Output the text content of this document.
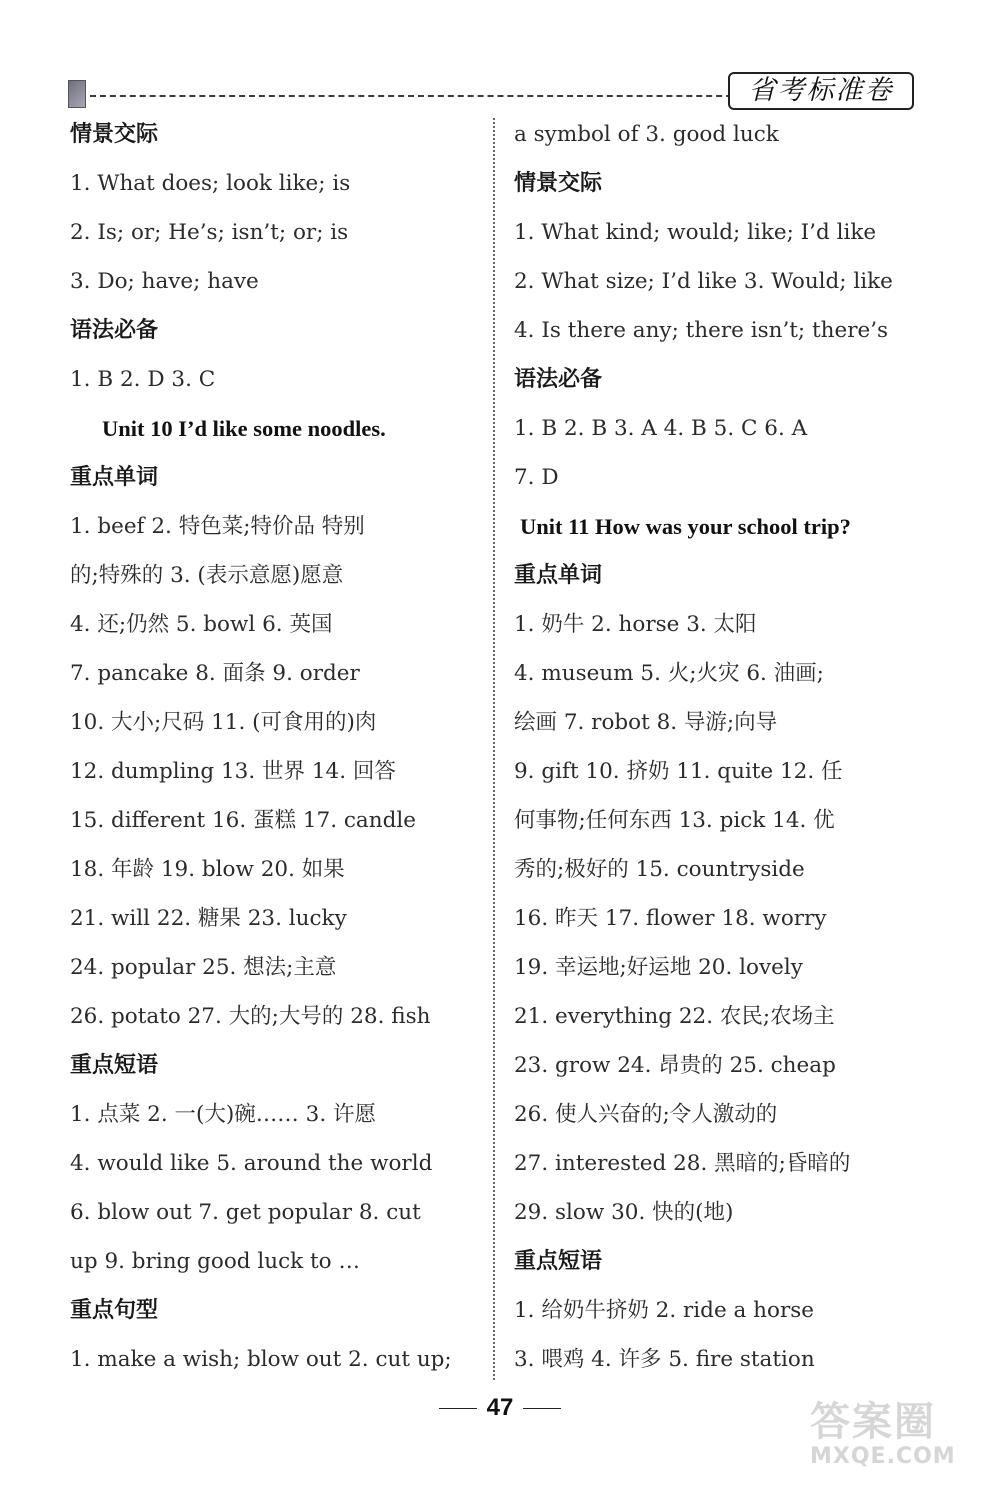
省考标准卷
情景交际
1. What does; look like; is
2. Is; or; He’s; isn’t; or; is
3. Do; have; have
语法必备
1. B 2. D 3. C
Unit 10 I’d like some noodles.
重点单词
1. beef 2. 特色菜;特价品 特别
的;特殊的 3. (表示意愿)愿意
4. 还;仍然 5. bowl 6. 英国
7. pancake 8. 面条 9. order
10. 大小;尺码 11. (可食用的)肉
12. dumpling 13. 世界 14. 回答
15. different 16. 蛋糕 17. candle
18. 年龄 19. blow 20. 如果
21. will 22. 糖果 23. lucky
24. popular 25. 想法;主意
26. potato 27. 大的;大号的 28. fish
重点短语
1. 点菜 2. 一(大)碗…… 3. 许愿
4. would like 5. around the world
6. blow out 7. get popular 8. cut
up 9. bring good luck to …
重点句型
1. make a wish; blow out 2. cut up;
a symbol of 3. good luck
情景交际
1. What kind; would; like; I’d like
2. What size; I’d like 3. Would; like
4. Is there any; there isn’t; there’s
语法必备
1. B 2. B 3. A 4. B 5. C 6. A
7. D
Unit 11 How was your school trip?
重点单词
1. 奶牛 2. horse 3. 太阳
4. museum 5. 火;火灾 6. 油画;
绘画 7. robot 8. 导游;向导
9. gift 10. 挤奶 11. quite 12. 任
何事物;任何东西 13. pick 14. 优
秀的;极好的 15. countryside
16. 昨天 17. flower 18. worry
19. 幸运地;好运地 20. lovely
21. everything 22. 农民;农场主
23. grow 24. 昂贵的 25. cheap
26. 使人兴奋的;令人激动的
27. interested 28. 黑暗的;昏暗的
29. slow 30. 快的(地)
重点短语
1. 给奶牛挤奶 2. ride a horse
3. 喂鸡 4. 许多 5. fire station
47	答案圈
MXQE.COM
